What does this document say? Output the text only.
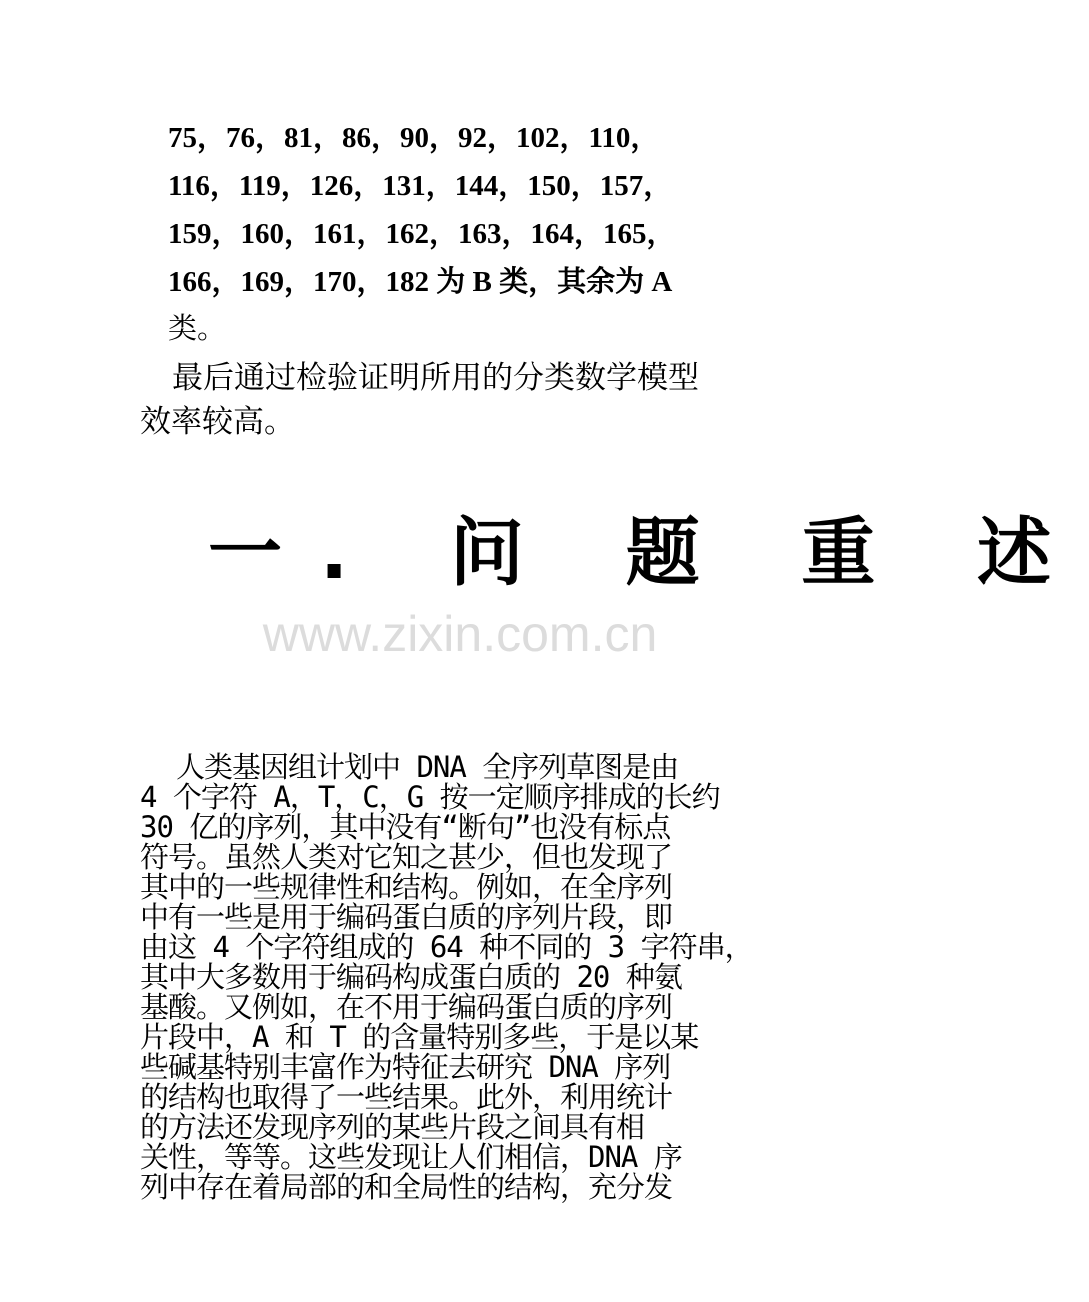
75，76，81，86，90，92，102，110，
116，119，126，131，144，150，157，
159，160，161，162，163，164，165，
166，169，170，182 为 B 类，其余为 A
类。
最后通过检验证明所用的分类数学模型
效率较高。
一. 问 题 重 述
www.zixin.com.cn
人类基因组计划中 DNA 全序列草图是由
4 个字符 A，T，C，G 按一定顺序排成的长约
30 亿的序列，其中没有“断句”也没有标点
符号。虽然人类对它知之甚少，但也发现了
其中的一些规律性和结构。例如，在全序列
中有一些是用于编码蛋白质的序列片段，即
由这 4 个字符组成的 64 种不同的 3 字符串，
其中大多数用于编码构成蛋白质的 20 种氨
基酸。又例如，在不用于编码蛋白质的序列
片段中，A 和 T 的含量特别多些，于是以某
些碱基特别丰富作为特征去研究 DNA 序列
的结构也取得了一些结果。此外，利用统计
的方法还发现序列的某些片段之间具有相
关性，等等。这些发现让人们相信，DNA 序
列中存在着局部的和全局性的结构，充分发
